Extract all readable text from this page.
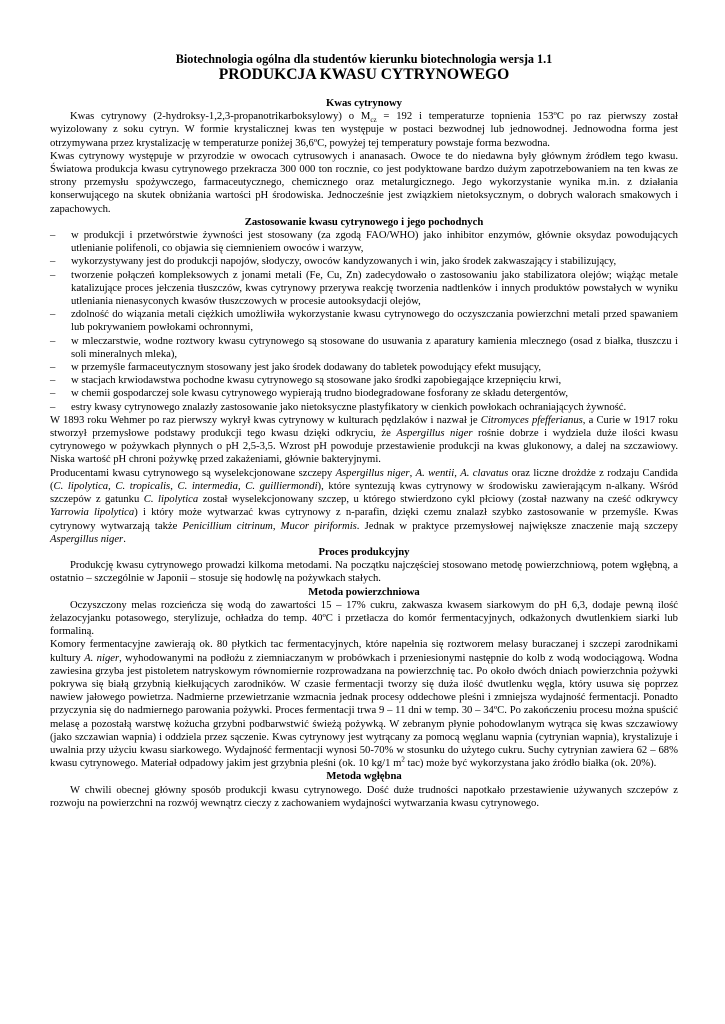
Biotechnologia ogólna dla studentów kierunku biotechnologia wersja 1.1

PRODUKCJA KWASU CYTRYNOWEGO

Kwas cytrynowy

Kwas cytrynowy (2-hydroksy-1,2,3-propanotrikarboksylowy) o $M_{cz} = 192$ i temperaturze topnienia 153ºC po raz pierwszy został wyizolowany z soku cytryn. W formie krystalicznej kwas ten występuje w postaci bezwodnej lub jednowodnej. Jednowodna forma jest otrzymywana przez krystalizację w temperaturze poniżej 36,6ºC, powyżej tej temperatury powstaje forma bezwodna.

Kwas cytrynowy występuje w przyrodzie w owocach cytrusowych i ananasach. Owoce te do niedawna były głównym źródłem tego kwasu. Światowa produkcja kwasu cytrynowego przekracza 300 000 ton rocznie, co jest podyktowane bardzo dużym zapotrzebowaniem na ten kwas ze strony przemysłu spożywczego, farmaceutycznego, chemicznego oraz metalurgicznego. Jego wykorzystanie wynika m.in. z działania konserwującego na skutek obniżania wartości pH środowiska. Jednocześnie jest związkiem nietoksycznym, o dobrych walorach smakowych i zapachowych.

Zastosowanie kwasu cytrynowego i jego pochodnych

– w produkcji i przetwórstwie żywności jest stosowany (za zgodą FAO/WHO) jako inhibitor enzymów, głównie oksydaz powodujących utlenianie polifenoli, co objawia się ciemnieniem owoców i warzyw,
– wykorzystywany jest do produkcji napojów, słodyczy, owoców kandyzowanych i win, jako środek zakwaszający i stabilizujący,
– tworzenie połączeń kompleksowych z jonami metali (Fe, Cu, Zn) zadecydowało o zastosowaniu jako stabilizatora olejów; wiążąc metale katalizujące proces jełczenia tłuszczów, kwas cytrynowy przerywa reakcję tworzenia nadtlenków i innych produktów powstałych w wyniku utleniania nienasyconych kwasów tłuszczowych w procesie autooksydacji olejów,
– zdolność do wiązania metali ciężkich umożliwiła wykorzystanie kwasu cytrynowego do oczyszczania powierzchni metali przed spawaniem lub pokrywaniem powłokami ochronnymi,
– w mleczarstwie, wodne roztwory kwasu cytrynowego są stosowane do usuwania z aparatury kamienia mlecznego (osad z białka, tłuszczu i soli mineralnych mleka),
– w przemyśle farmaceutycznym stosowany jest jako środek dodawany do tabletek powodujący efekt musujący,
– w stacjach krwiodawstwa pochodne kwasu cytrynowego są stosowane jako środki zapobiegające krzepnięciu krwi,
– w chemii gospodarczej sole kwasu cytrynowego wypierają trudno biodegradowane fosforany ze składu detergentów,
– estry kwasy cytrynowego znalazły zastosowanie jako nietoksyczne plastyfikatory w cienkich powłokach ochraniających żywność.

W 1893 roku Wehmer po raz pierwszy wykrył kwas cytrynowy w kulturach pędzlaków i nazwał je Citromyces pfefferianus, a Curie w 1917 roku stworzył przemysłowe podstawy produkcji tego kwasu dzięki odkryciu, że Aspergillus niger rośnie dobrze i wydziela duże ilości kwasu cytrynowego w pożywkach płynnych o pH 2,5-3,5. Wzrost pH powoduje przestawienie produkcji na kwas glukonowy, a dalej na szczawiowy. Niska wartość pH chroni pożywkę przed zakażeniami, głównie bakteryjnymi.

Producentami kwasu cytrynowego są wyselekcjonowane szczepy Aspergillus niger, A. wentii, A. clavatus oraz liczne drożdże z rodzaju Candida (C. lipolytica, C. tropicalis, C. intermedia, C. guilliermondi), które syntezują kwas cytrynowy w środowisku zawierającym n-alkany. Wśród szczepów z gatunku C. lipolytica został wyselekcjonowany szczep, u którego stwierdzono cykl płciowy (został nazwany na cześć odkrywcy Yarrowia lipolytica) i który może wytwarzać kwas cytrynowy z n-parafin, dzięki czemu znalazł szybko zastosowanie w przemyśle. Kwas cytrynowy wytwarzają także Penicillium citrinum, Mucor piriformis. Jednak w praktyce przemysłowej największe znaczenie mają szczepy Aspergillus niger.

Proces produkcyjny

Produkcję kwasu cytrynowego prowadzi kilkoma metodami. Na początku najczęściej stosowano metodę powierzchniową, potem wgłębną, a ostatnio – szczególnie w Japonii – stosuje się hodowlę na pożywkach stałych.

Metoda powierzchniowa

Oczyszczony melas rozcieńcza się wodą do zawartości 15 – 17% cukru, zakwasza kwasem siarkowym do pH 6,3, dodaje pewną ilość żelazocyjanku potasowego, sterylizuje, ochładza do temp. 40ºC i przetłacza do komór fermentacyjnych, odkażonych dwutlenkiem siarki lub formaliną.

Komory fermentacyjne zawierają ok. 80 płytkich tac fermentacyjnych, które napełnia się roztworem melasy buraczanej i szczepi zarodnikami kultury A. niger, wyhodowanymi na podłożu z ziemniaczanym w probówkach i przeniesionymi następnie do kolb z wodą wodociągową. Wodna zawiesina grzyba jest pistoletem natryskowym równomiernie rozprowadzana na powierzchnię tac. Po około dwóch dniach powierzchnia pożywki pokrywa się białą grzybnią kiełkujących zarodników. W czasie fermentacji tworzy się duża ilość dwutlenku węgla, który usuwa się poprzez nawiew jałowego powietrza. Nadmierne przewietrzanie wzmacnia jednak procesy oddechowe pleśni i zmniejsza wydajność fermentacji. Ponadto przyczynia się do nadmiernego parowania pożywki. Proces fermentacji trwa 9 – 11 dni w temp. 30 – 34ºC. Po zakończeniu procesu można spuścić melasę a pozostałą warstwę kożucha grzybni podbarwstwić świeżą pożywką. W zebranym płynie pohodowlanym wytrąca się kwas szczawiowy (jako szczawian wapnia) i oddziela przez sączenie. Kwas cytrynowy jest wytrącany za pomocą węglanu wapnia (cytrynian wapnia), krystalizuje i uwalnia przy użyciu kwasu siarkowego. Wydajność fermentacji wynosi 50-70% w stosunku do użytego cukru. Suchy cytrynian zawiera 62 – 68% kwasu cytrynowego. Materiał odpadowy jakim jest grzybnia pleśni (ok. 10 kg/1 $m^2$ tac) może być wykorzystana jako źródło białka (ok. 20%).

Metoda wgłębna

W chwili obecnej główny sposób produkcji kwasu cytrynowego. Dość duże trudności napotkało przestawienie używanych szczepów z rozwoju na powierzchni na rozwój wewnątrz cieczy z zachowaniem wydajności wytwarzania kwasu cytrynowego.
